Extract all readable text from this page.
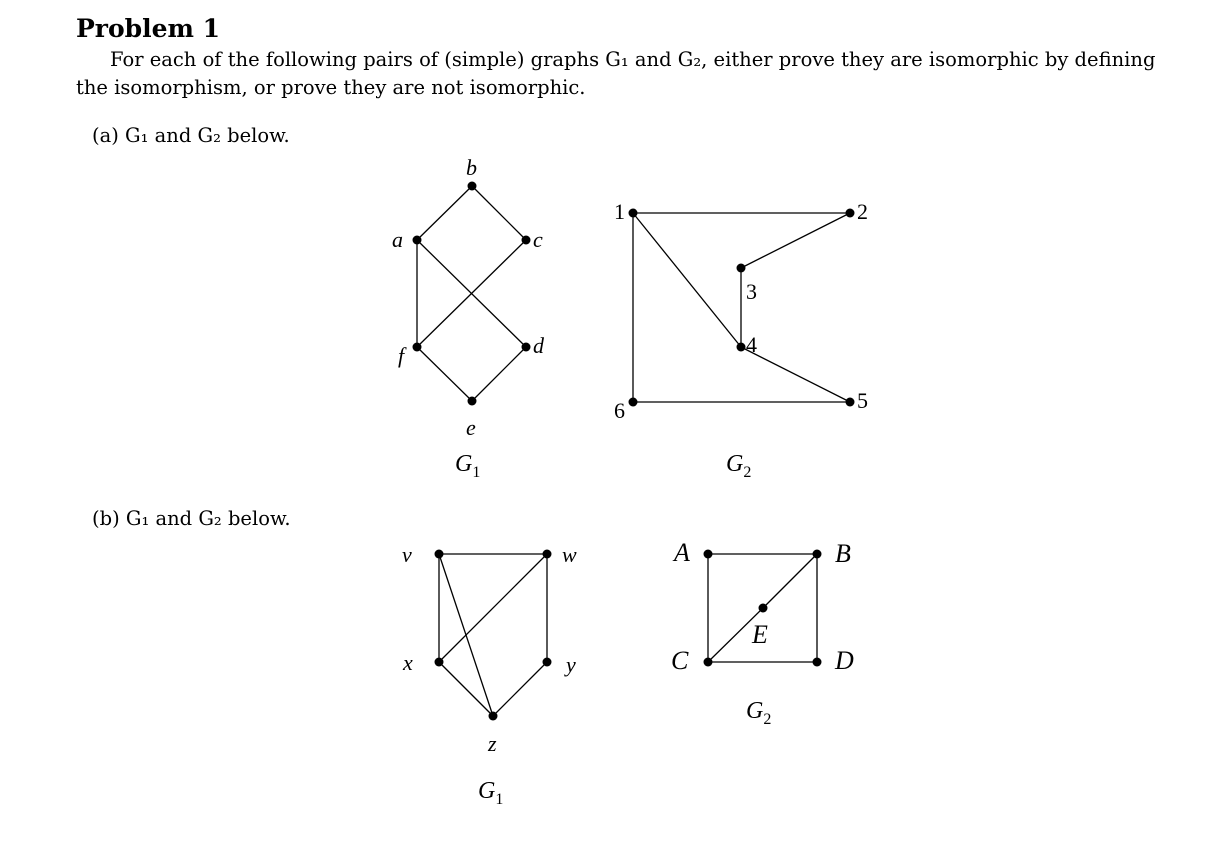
Problem 1

For each of the following pairs of (simple) graphs G₁ and G₂, either prove they are isomorphic by defining the isomorphism, or prove they are not isomorphic.

(a) G₁ and G₂ below.

(b) G₁ and G₂ below.

a
b
c
d
e
f
$G_1$
1	2
3
4
5
6
$G_2$
v	w
x	y
z
$G_1$
A	B
C	D
E
$G_2$
